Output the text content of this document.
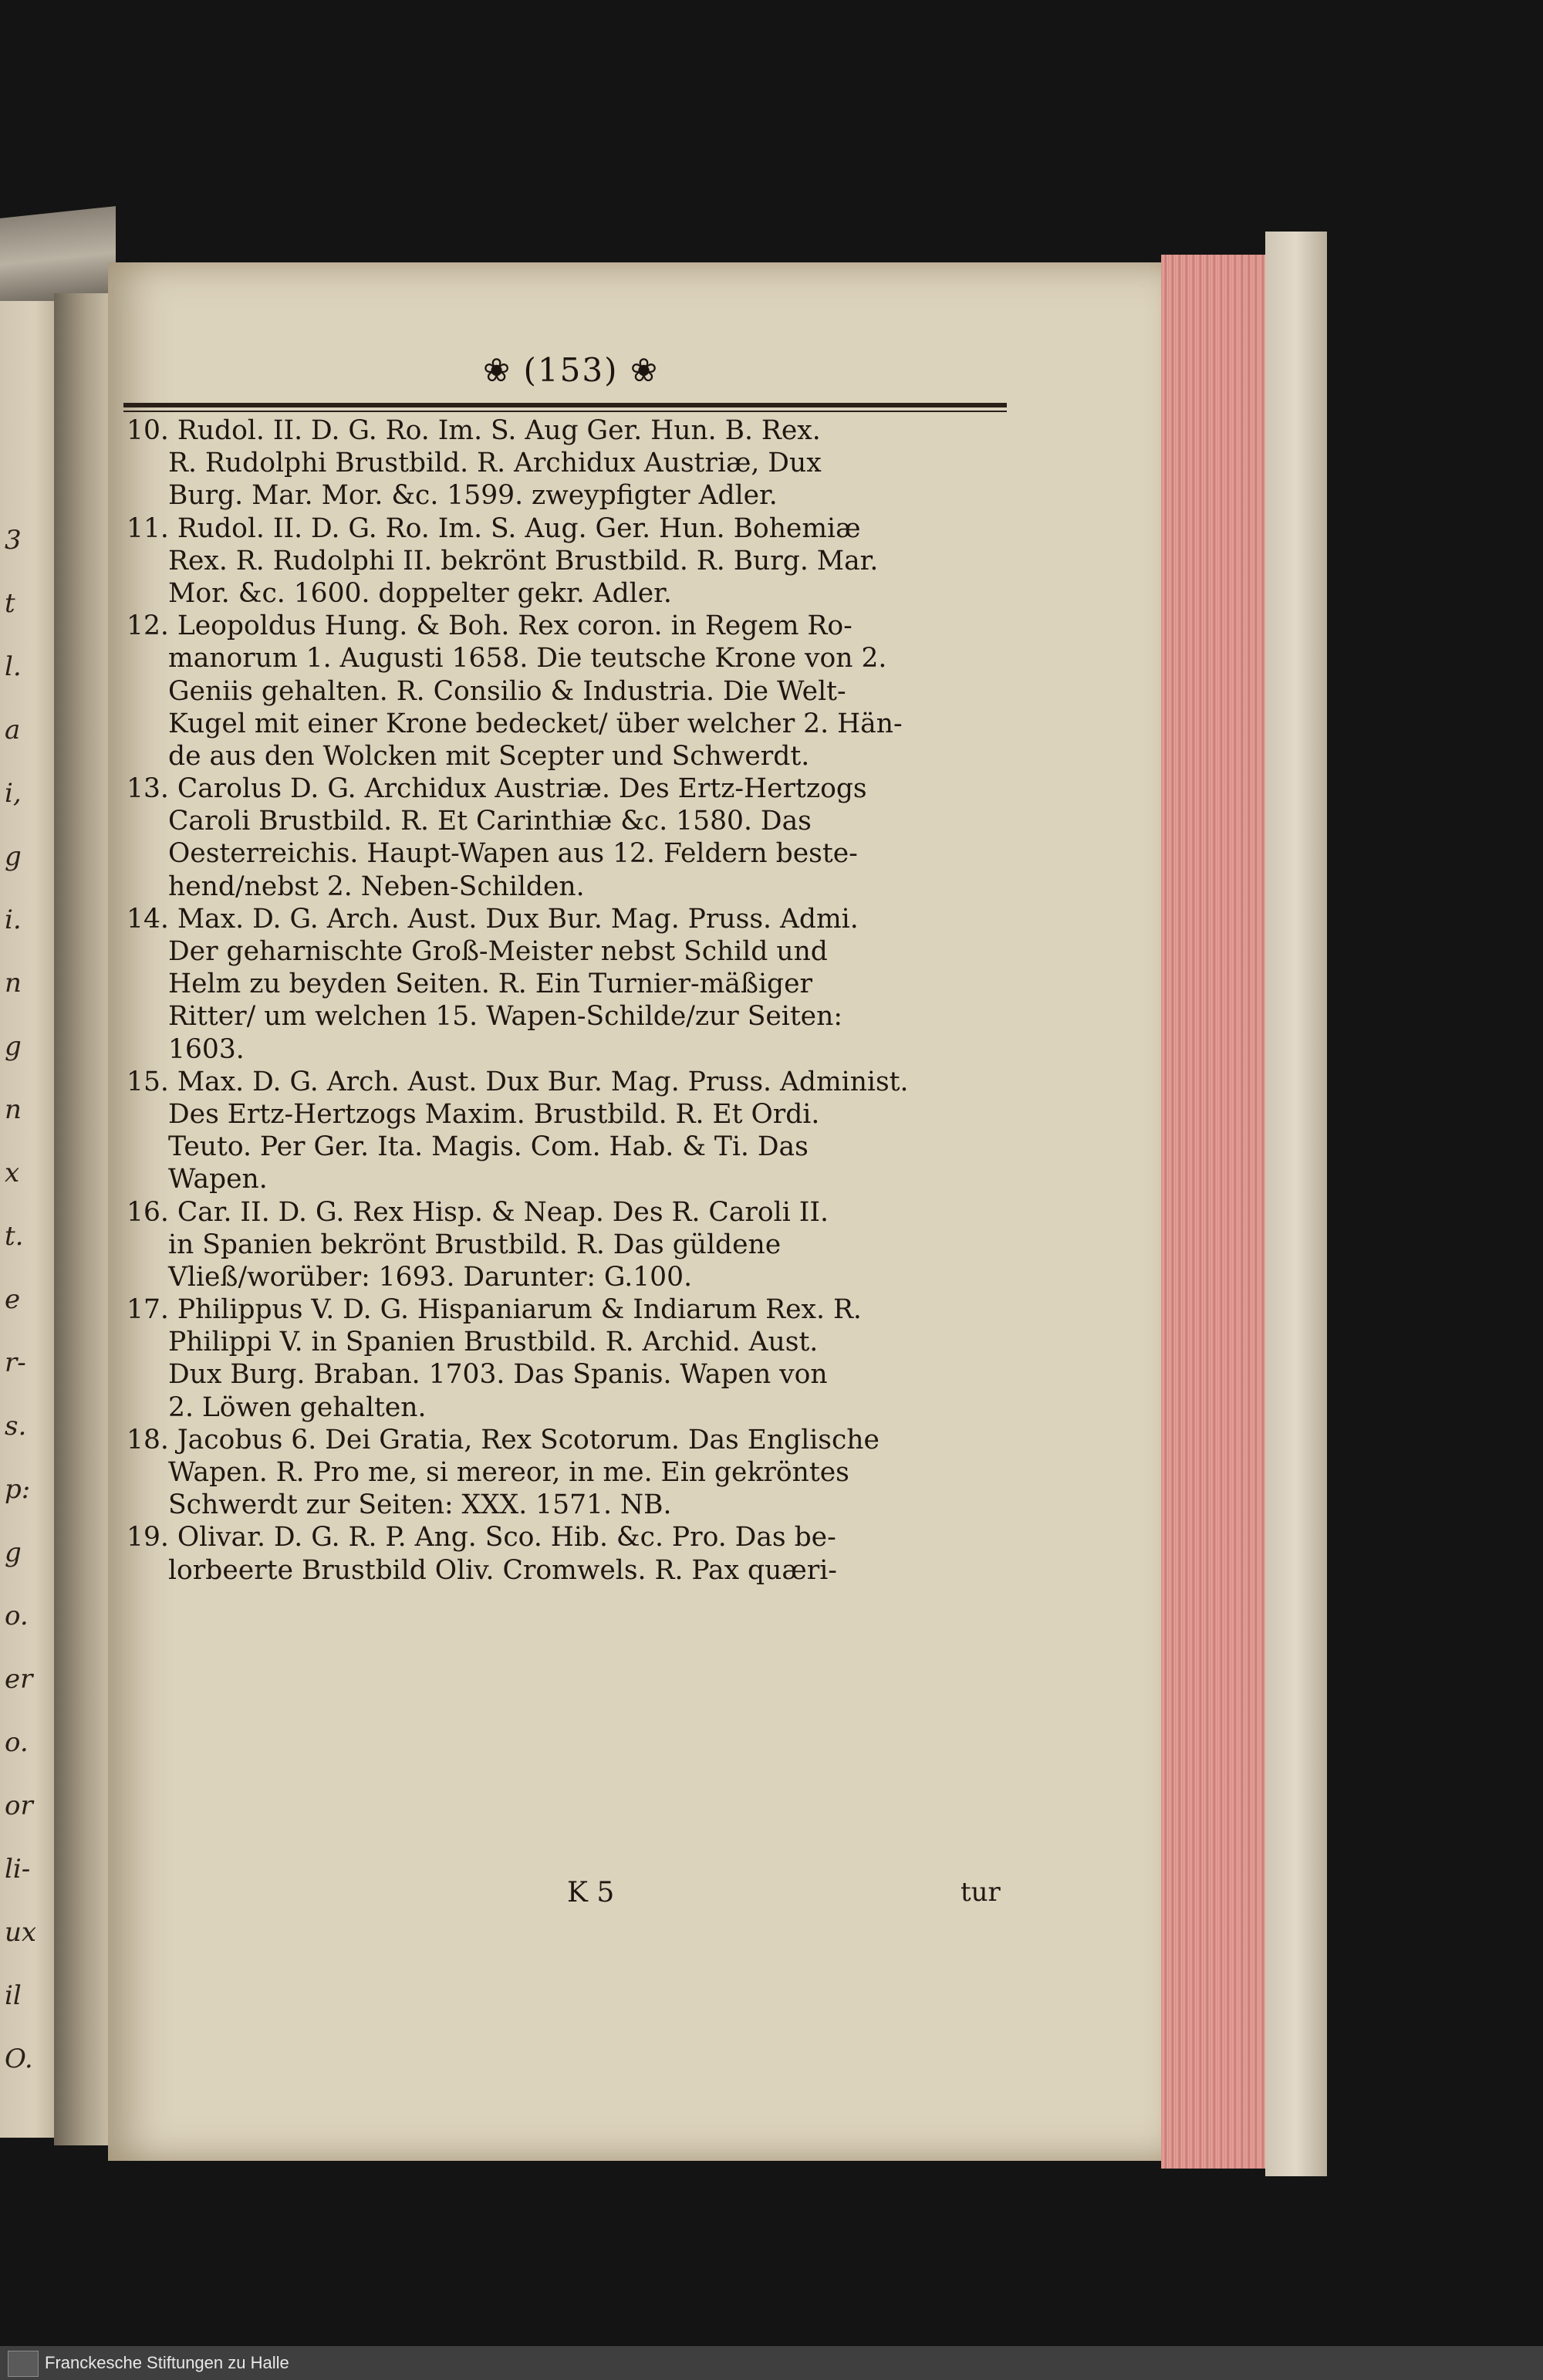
3
t
l.
a
i,
g
i.
n
g
n
x
t.
e
r-
s.
p:
g
o.
er
o.
or
li-
ux
il
O.
❀ (153) ❀
10. Rudol. II. D. G. Ro. Im. S. Aug Ger. Hun. B. Rex.
R. Rudolphi Brustbild. R. Archidux Austriæ, Dux
Burg. Mar. Mor. &c. 1599. zweypfigter Adler.
11. Rudol. II. D. G. Ro. Im. S. Aug. Ger. Hun. Bohemiæ
Rex. R. Rudolphi II. bekrönt Brustbild. R. Burg. Mar.
Mor. &c. 1600. doppelter gekr. Adler.
12. Leopoldus Hung. & Boh. Rex coron. in Regem Ro-
manorum 1. Augusti 1658. Die teutsche Krone von 2.
Geniis gehalten. R. Consilio & Industria. Die Welt-
Kugel mit einer Krone bedecket/ über welcher 2. Hän-
de aus den Wolcken mit Scepter und Schwerdt.
13. Carolus D. G. Archidux Austriæ. Des Ertz-Hertzogs
Caroli Brustbild. R. Et Carinthiæ &c. 1580. Das
Oesterreichis. Haupt-Wapen aus 12. Feldern beste-
hend/nebst 2. Neben-Schilden.
14. Max. D. G. Arch. Aust. Dux Bur. Mag. Pruss. Admi.
Der geharnischte Groß-Meister nebst Schild und
Helm zu beyden Seiten. R. Ein Turnier-mäßiger
Ritter/ um welchen 15. Wapen-Schilde/zur Seiten:
1603.
15. Max. D. G. Arch. Aust. Dux Bur. Mag. Pruss. Administ.
Des Ertz-Hertzogs Maxim. Brustbild. R. Et Ordi.
Teuto. Per Ger. Ita. Magis. Com. Hab. & Ti. Das
Wapen.
16. Car. II. D. G. Rex Hisp. & Neap. Des R. Caroli II.
in Spanien bekrönt Brustbild. R. Das güldene
Vließ/worüber: 1693. Darunter: G.100.
17. Philippus V. D. G. Hispaniarum & Indiarum Rex. R.
Philippi V. in Spanien Brustbild. R. Archid. Aust.
Dux Burg. Braban. 1703. Das Spanis. Wapen von
2. Löwen gehalten.
18. Jacobus 6. Dei Gratia, Rex Scotorum. Das Englische
Wapen. R. Pro me, si mereor, in me. Ein gekröntes
Schwerdt zur Seiten: XXX. 1571. NB.
19. Olivar. D. G. R. P. Ang. Sco. Hib. &c. Pro. Das be-
lorbeerte Brustbild Oliv. Cromwels. R. Pax quæri-
K 5	tur
Franckesche Stiftungen zu Halle
